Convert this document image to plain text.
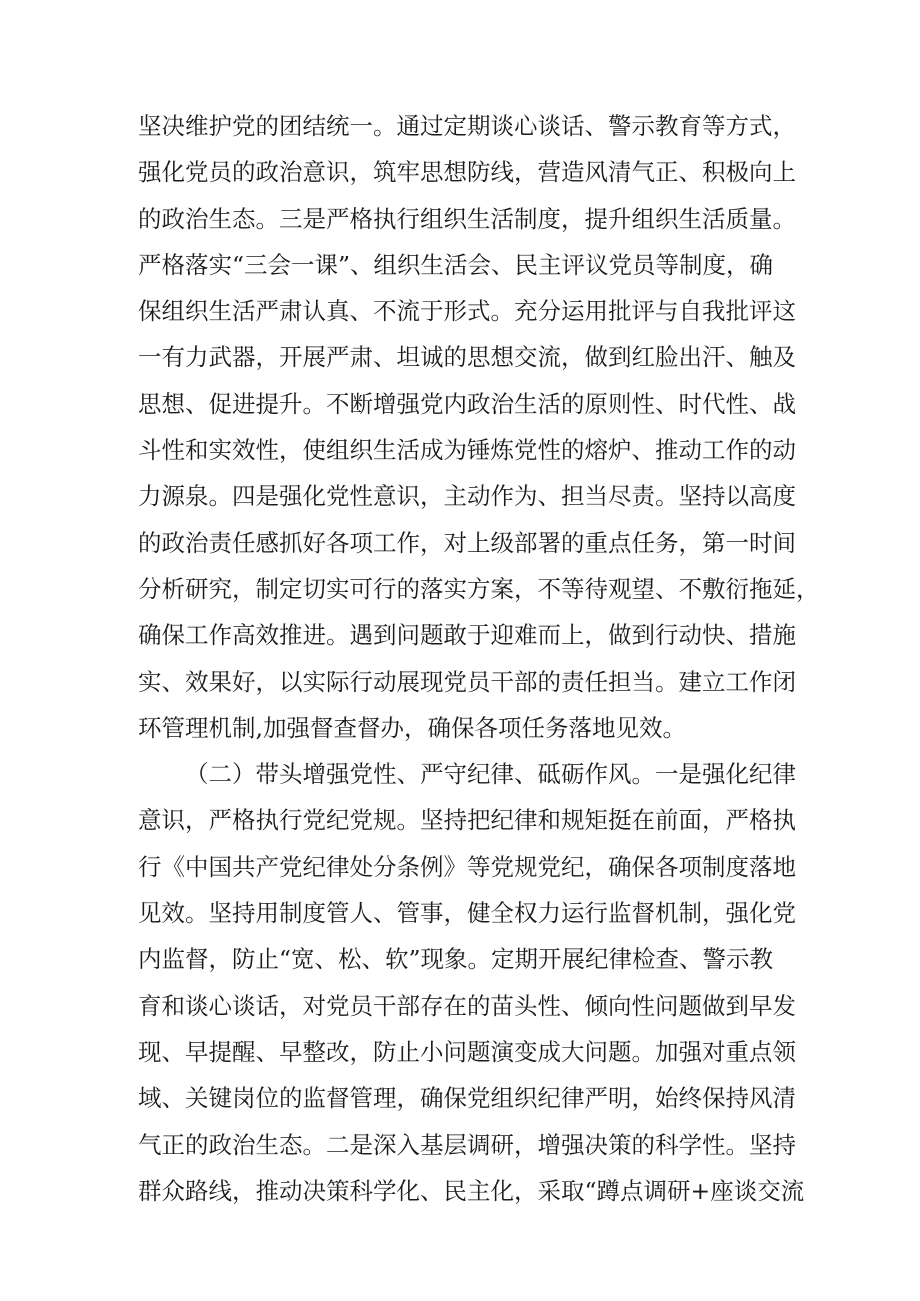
坚决维护党的团结统一。通过定期谈心谈话、警示教育等方式，
强化党员的政治意识，筑牢思想防线，营造风清气正、积极向上
的政治生态。三是严格执行组织生活制度，提升组织生活质量。
严格落实“三会一课”、组织生活会、民主评议党员等制度，确
保组织生活严肃认真、不流于形式。充分运用批评与自我批评这
一有力武器，开展严肃、坦诚的思想交流，做到红脸出汗、触及
思想、促进提升。不断增强党内政治生活的原则性、时代性、战
斗性和实效性，使组织生活成为锤炼党性的熔炉、推动工作的动
力源泉。四是强化党性意识，主动作为、担当尽责。坚持以高度
的政治责任感抓好各项工作，对上级部署的重点任务，第一时间
分析研究，制定切实可行的落实方案，不等待观望、不敷衍拖延，
确保工作高效推进。遇到问题敢于迎难而上，做到行动快、措施
实、效果好，以实际行动展现党员干部的责任担当。建立工作闭
环管理机制,加强督查督办，确保各项任务落地见效。
（二）带头增强党性、严守纪律、砥砺作风。一是强化纪律
意识，严格执行党纪党规。坚持把纪律和规矩挺在前面，严格执
行《中国共产党纪律处分条例》等党规党纪，确保各项制度落地
见效。坚持用制度管人、管事，健全权力运行监督机制，强化党
内监督，防止“宽、松、软”现象。定期开展纪律检查、警示教
育和谈心谈话，对党员干部存在的苗头性、倾向性问题做到早发
现、早提醒、早整改，防止小问题演变成大问题。加强对重点领
域、关键岗位的监督管理，确保党组织纪律严明，始终保持风清
气正的政治生态。二是深入基层调研，增强决策的科学性。坚持
群众路线，推动决策科学化、民主化，采取“蹲点调研+座谈交流
